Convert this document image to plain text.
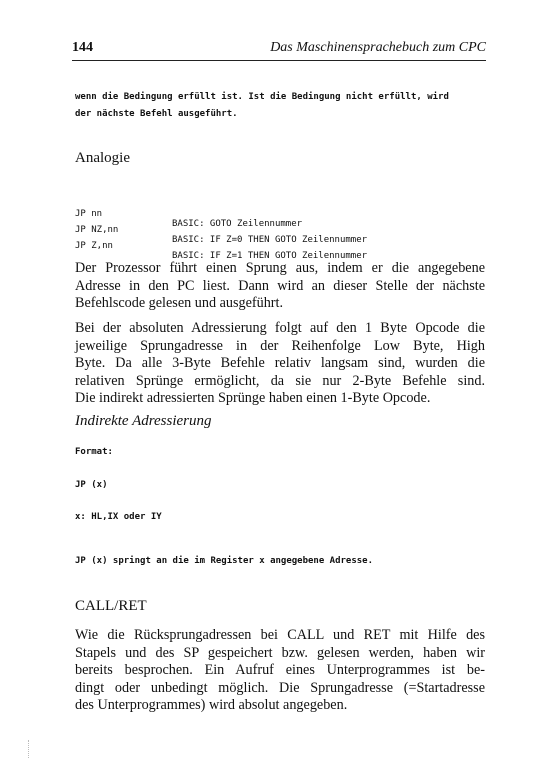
144	Das Maschinensprachebuch zum CPC

wenn die Bedingung erfüllt ist. Ist die Bedingung nicht erfüllt, wird

der nächste Befehl ausgeführt.

Analogie

JP nn

BASIC: GOTO Zeilennummer

JP NZ,nn

BASIC: IF Z=0 THEN GOTO Zeilennummer

JP Z,nn

BASIC: IF Z=1 THEN GOTO Zeilennummer

Der Prozessor führt einen Sprung aus, indem er die angegebene
Adresse in den PC liest. Dann wird an dieser Stelle der nächste
Befehlscode gelesen und ausgeführt.
Bei der absoluten Adressierung folgt auf den 1 Byte Opcode die
jeweilige Sprungadresse in der Reihenfolge Low Byte, High
Byte. Da alle 3-Byte Befehle relativ langsam sind, wurden die
relativen Sprünge ermöglicht, da sie nur 2-Byte Befehle sind.
Die indirekt adressierten Sprünge haben einen 1-Byte Opcode.
Indirekte Adressierung
Format:
JP (x)
x: HL,IX oder IY
JP (x) springt an die im Register x angegebene Adresse.
CALL/RET
Wie die Rücksprungadressen bei CALL und RET mit Hilfe des
Stapels und des SP gespeichert bzw. gelesen werden, haben wir
bereits besprochen. Ein Aufruf eines Unterprogrammes ist be-
dingt oder unbedingt möglich. Die Sprungadresse (=Startadresse
des Unterprogrammes) wird absolut angegeben.
